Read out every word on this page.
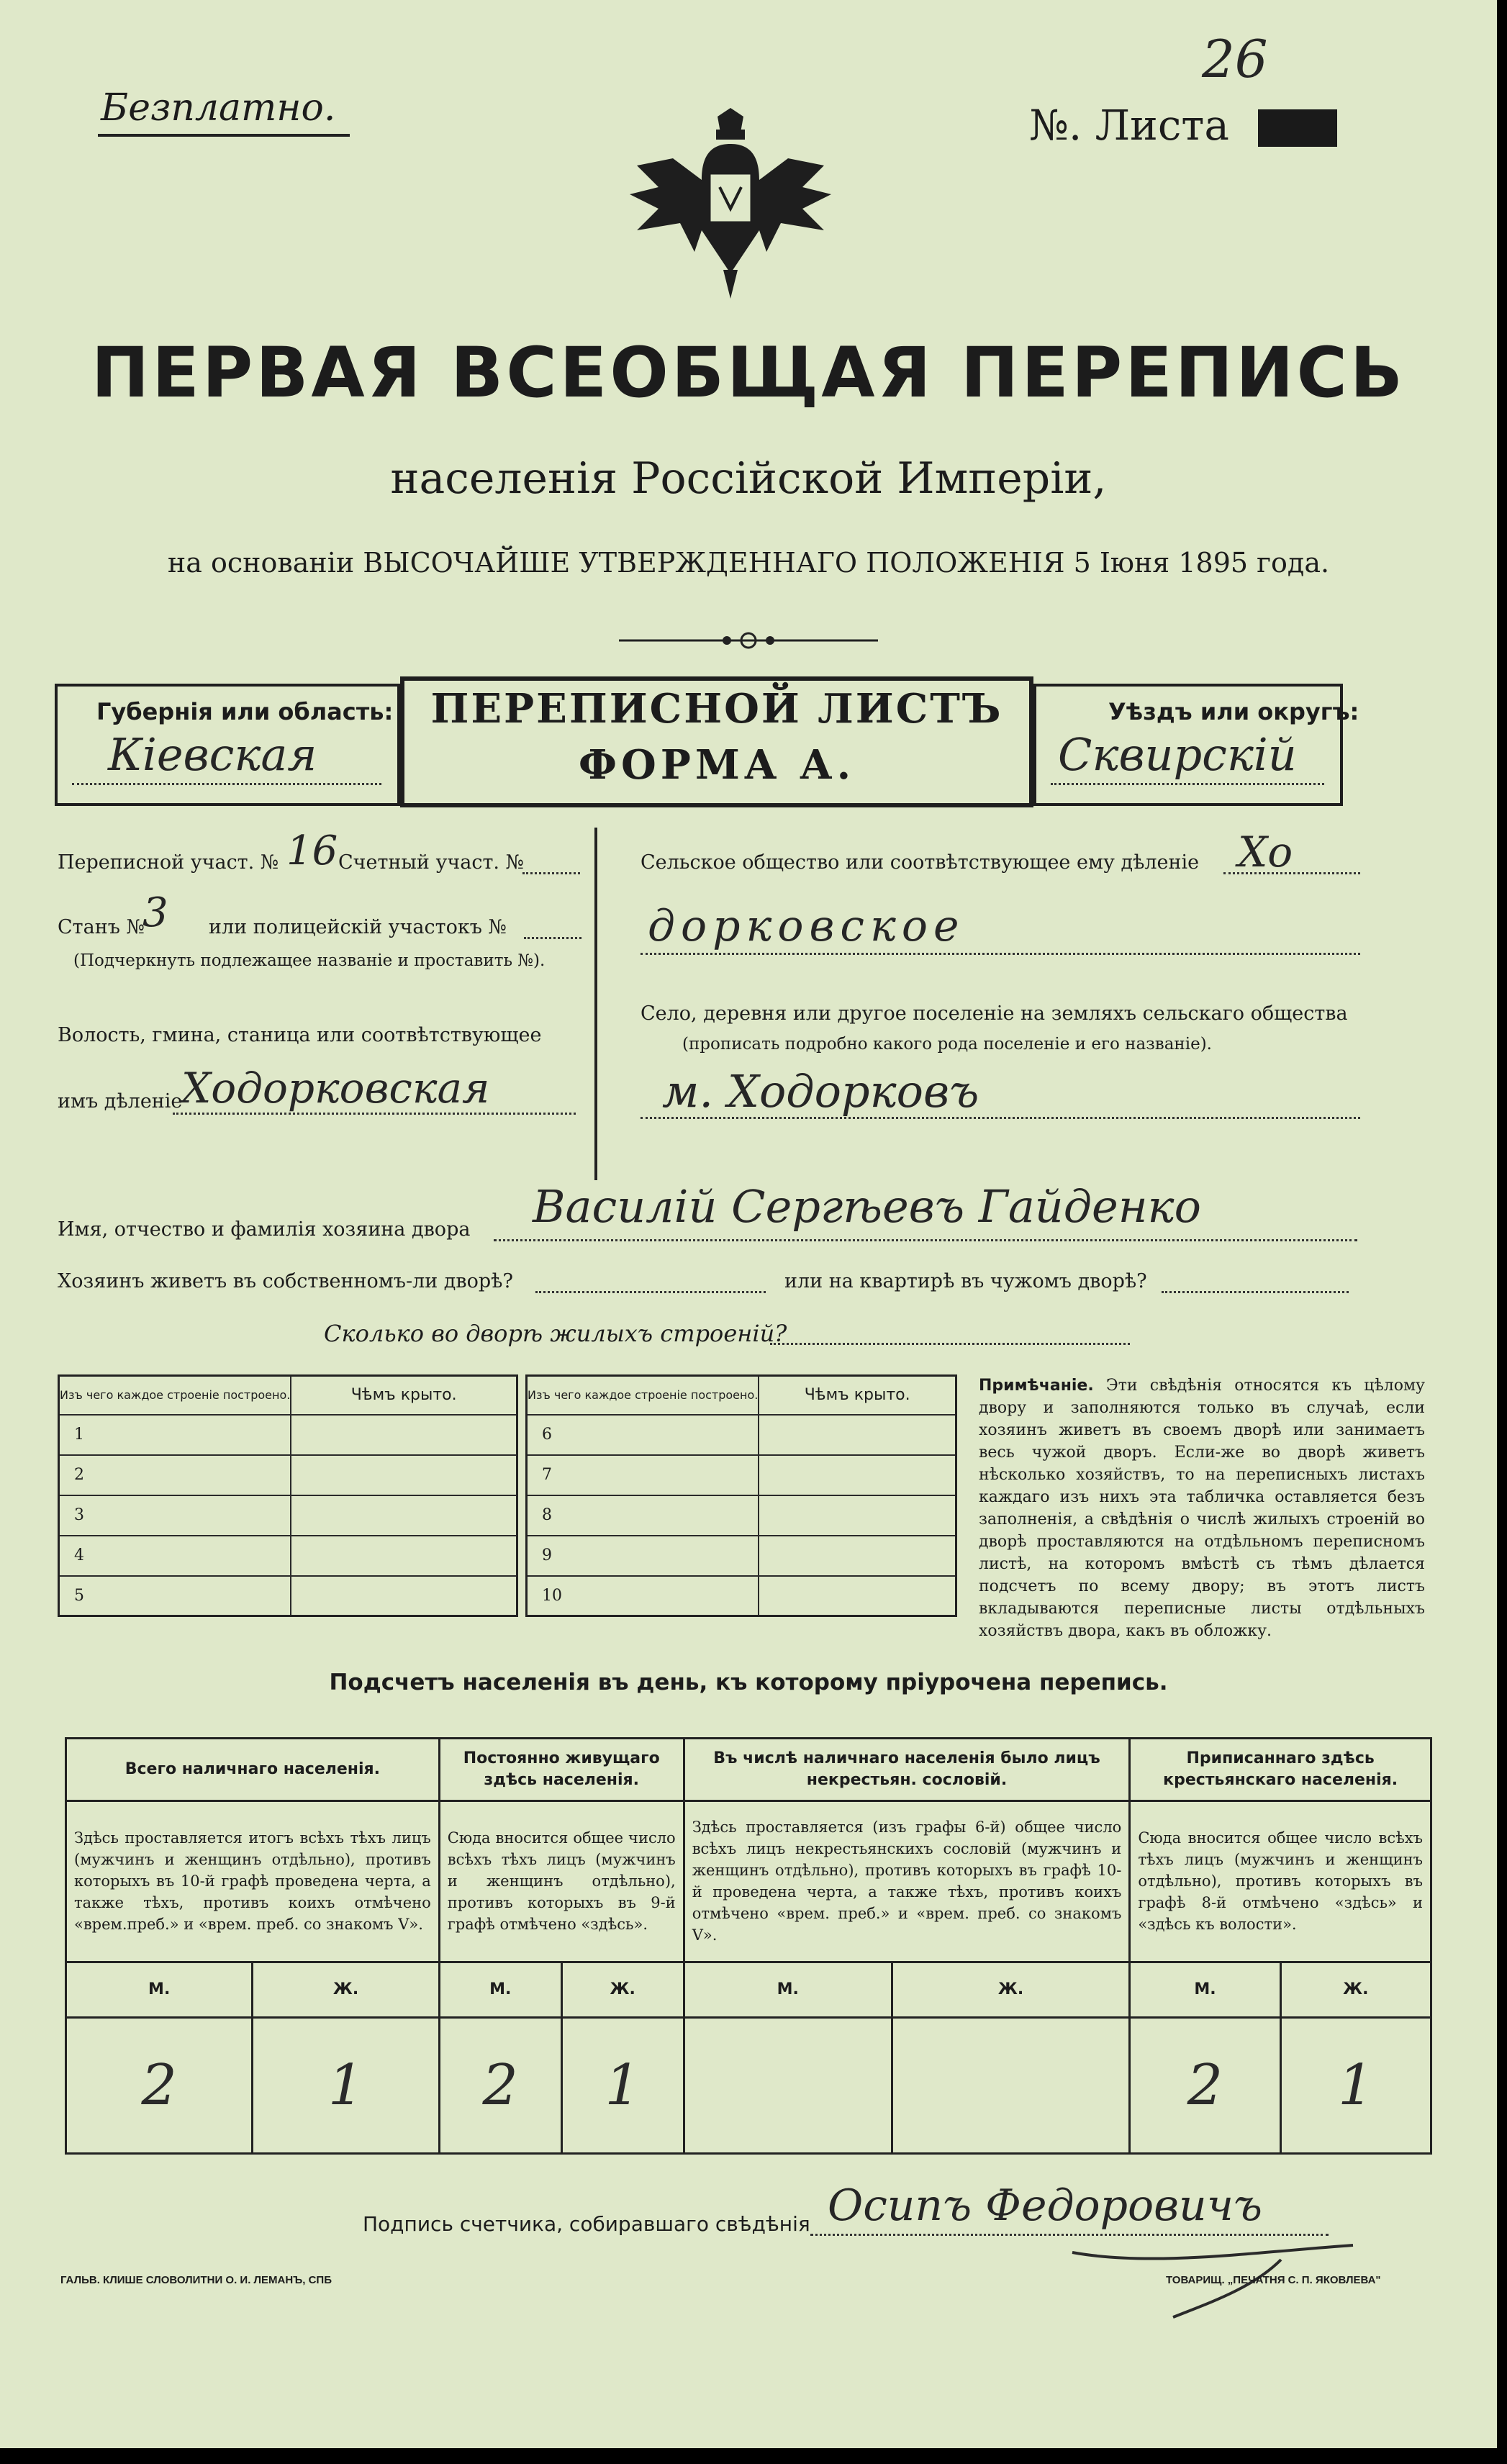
Безплатно.	№. Листа
26
ПЕРВАЯ ВСЕОБЩАЯ ПЕРЕПИСЬ
населенія Россійской Имперіи,
на основаніи ВЫСОЧАЙШЕ УТВЕРЖДЕННАГО ПОЛОЖЕНІЯ 5 Іюня 1895 года.
Губернія или область:
Кіевская
ПЕРЕПИСНОЙ ЛИСТЪ
ФОРМА А.
Уѣздъ или округъ:
Сквирскій
Переписной участ. № 16 Счетный участ. №
Станъ №
3 или полицейскій участокъ №
(Подчеркнуть подлежащее названіе и проставить №).
Волость, гмина, станица или соотвѣтствующее
имъ дѣленіе
Ходорковская
Сельское общество или соотвѣтствующее ему дѣленіе Хо
дорковское
Село, деревня или другое поселеніе на земляхъ сельскаго общества
(прописать подробно какого рода поселеніе и его названіе).
м. Ходорковъ
Имя, отчество и фамилія хозяина двора Василій Сергѣевъ Гайденко
Хозяинъ живетъ въ собственномъ-ли дворѣ?	или на квартирѣ въ чужомъ дворѣ?
Сколько во дворѣ жилыхъ строеній?
Изъ чего каждое строеніе построено.	Чѣмъ крыто.
1	
2	
3	
4	
5	
Изъ чего каждое строеніе построено.	Чѣмъ крыто.
6	
7	
8	
9	
10	
Примѣчаніе. Эти свѣдѣнія относятся къ цѣлому двору и заполняются только въ случаѣ, если хозяинъ живетъ въ своемъ дворѣ или занимаетъ весь чужой дворъ. Если-же во дворѣ живетъ нѣсколько хозяйствъ, то на переписныхъ листахъ каждаго изъ нихъ эта табличка оставляется безъ заполненія, а свѣдѣнія о числѣ жилыхъ строеній во дворѣ проставляются на отдѣльномъ переписномъ листѣ, на которомъ вмѣстѣ съ тѣмъ дѣлается подсчетъ по всему двору; въ этотъ листъ вкладываются переписные листы отдѣльныхъ хозяйствъ двора, какъ въ обложку.
Подсчетъ населенія въ день, къ которому пріурочена перепись.
Всего наличнаго населенія.		Постоянно живущаго здѣсь населенія.		Въ числѣ наличнаго населенія было лицъ некрестьян. сословій.		Приписаннаго здѣсь крестьянскаго населенія.	
Здѣсь проставляется итогъ всѣхъ тѣхъ лицъ (мужчинъ и женщинъ отдѣльно), противъ которыхъ въ 10-й графѣ проведена черта, а также тѣхъ, противъ коихъ отмѣчено «врем.преб.» и «врем. преб. со знакомъ V».		Сюда вносится общее число всѣхъ тѣхъ лицъ (мужчинъ и женщинъ отдѣльно), противъ которыхъ въ 9-й графѣ отмѣчено «здѣсь».		Здѣсь проставляется (изъ графы 6-й) общее число всѣхъ лицъ некрестьянскихъ сословій (мужчинъ и женщинъ отдѣльно), противъ которыхъ въ графѣ 10-й проведена черта, а также тѣхъ, противъ коихъ отмѣчено «врем. преб.» и «врем. преб. со знакомъ V».		Сюда вносится общее число всѣхъ тѣхъ лицъ (мужчинъ и женщинъ отдѣльно), противъ которыхъ въ графѣ 8-й отмѣчено «здѣсь» и «здѣсь къ волости».	
М.	Ж.	М.	Ж.	М.	Ж.	М.	Ж.
2	1	2	1			2	1
Подпись счетчика, собиравшаго свѣдѣнія Осипъ Федоровичъ
ГАЛЬВ. КЛИШЕ СЛОВОЛИТНИ О. И. ЛЕМАНЪ, СПБ	ТОВАРИЩ. „ПЕЧАТНЯ С. П. ЯКОВЛЕВА"
